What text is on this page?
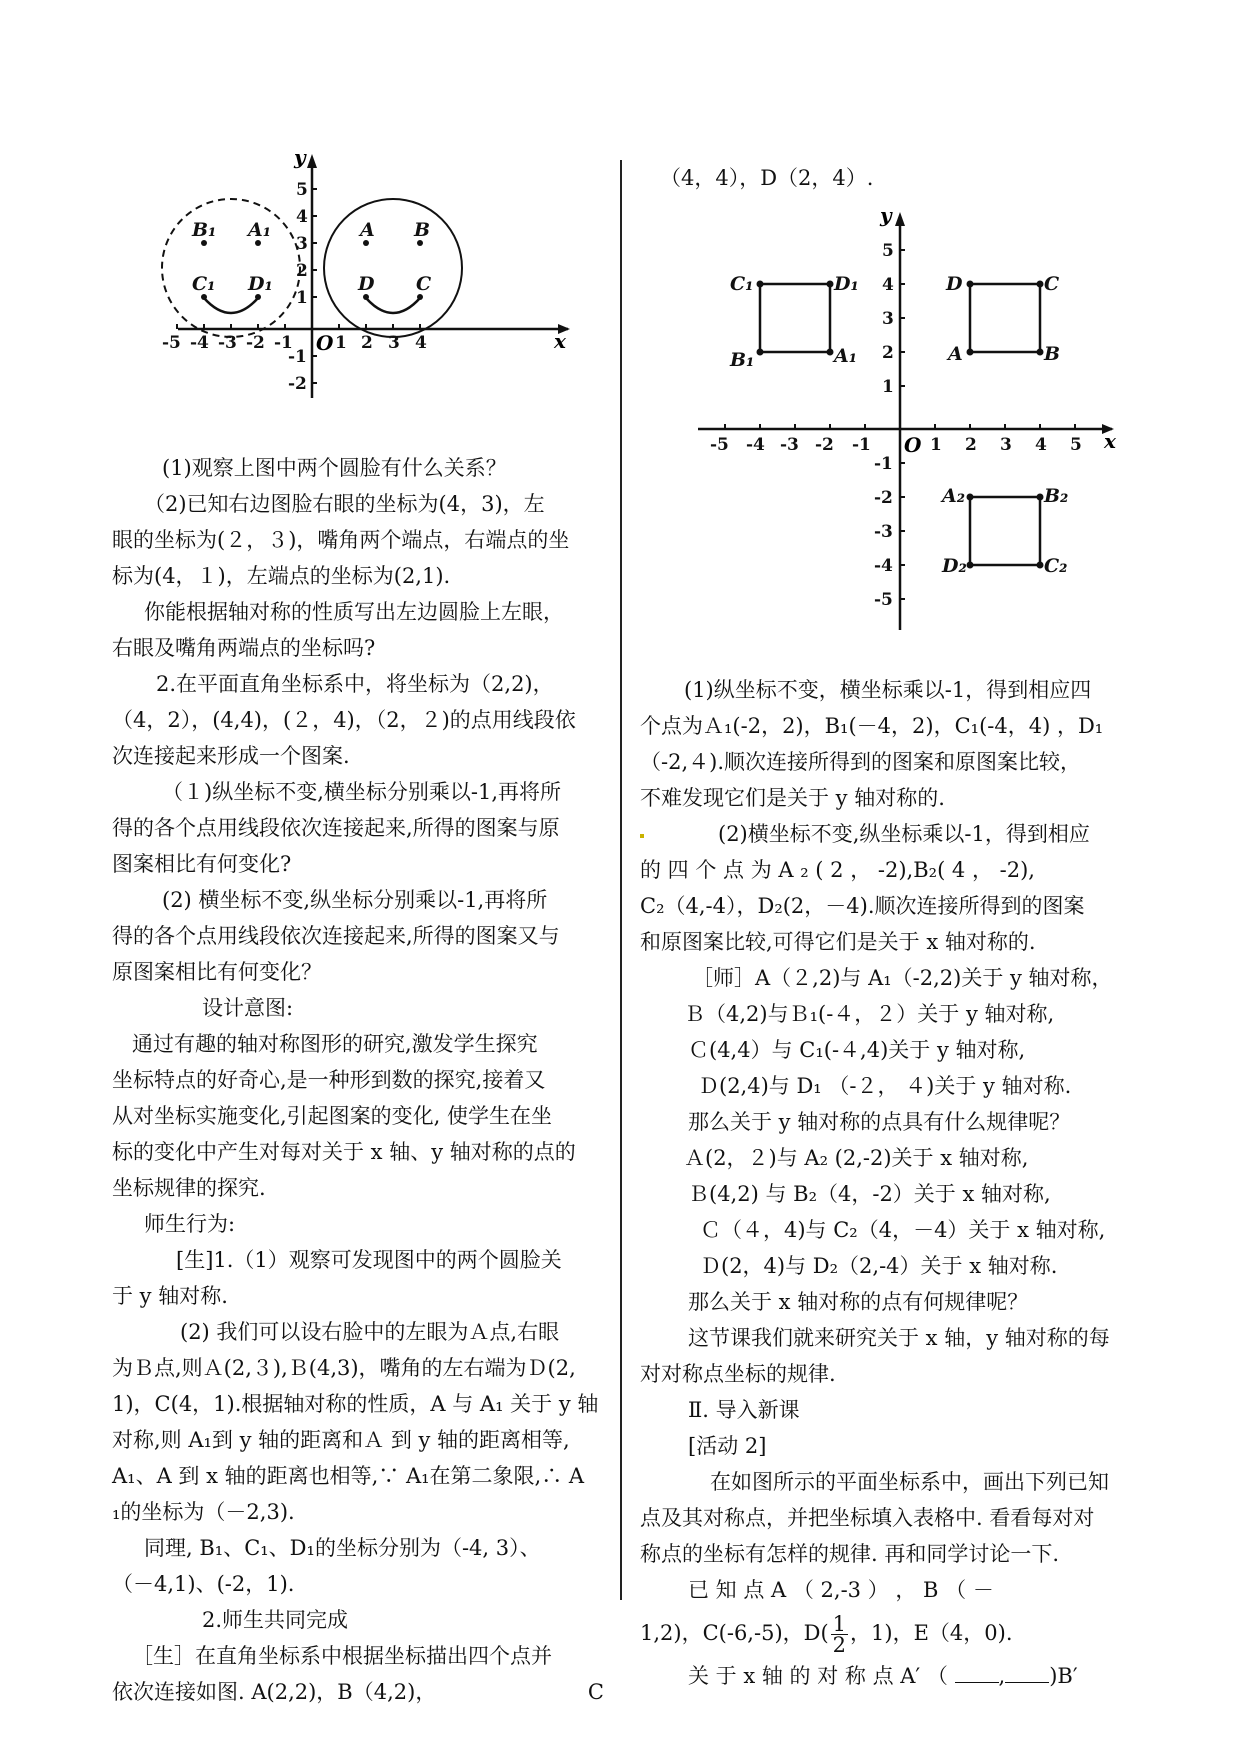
-5 -4 -3 -2 -1 1 2 3 4
5
4
3
2
1
-1
-2
O	x
y
B₁ A₁
C₁ D₁
A B
D C
（4，4），D（2，4）.
-5 -4 -3 -2 -1	1 2 3 4 5
5
4
3
2
1
-1
-2
-3
-4
-5
O	x
y
C₁	D₁
B₁	A₁
D	C
A	B
A₂	B₂
D₂	C₂

(1)观察上图中两个圆脸有什么关系？

（2)已知右边图脸右眼的坐标为(4，3)，左

眼的坐标为(２，３)，嘴角两个端点，右端点的坐

标为(4，１)，左端点的坐标为(2,1).

你能根据轴对称的性质写出左边圆脸上左眼，

右眼及嘴角两端点的坐标吗?

2.在平面直角坐标系中，将坐标为（2,2)，

（4，2），(4,4)，(２，4)，（2，２)的点用线段依

次连接起来形成一个图案.

（１)纵坐标不变,横坐标分别乘以-1,再将所

得的各个点用线段依次连接起来,所得的图案与原

图案相比有何变化?

(2) 横坐标不变,纵坐标分别乘以-1,再将所

得的各个点用线段依次连接起来,所得的图案又与

原图案相比有何变化？

设计意图:

通过有趣的轴对称图形的研究,激发学生探究

坐标特点的好奇心,是一种形到数的探究,接着又

从对坐标实施变化,引起图案的变化, 使学生在坐

标的变化中产生对每对关于 x 轴、y 轴对称的点的

坐标规律的探究.

师生行为:

[生]1.（1）观察可发现图中的两个圆脸关

于 y 轴对称.

(2) 我们可以设右脸中的左眼为Ａ点,右眼

为Ｂ点,则Ａ(2,３),Ｂ(4,3)，嘴角的左右端为Ｄ(2,

1)，C(4，1).根据轴对称的性质，A 与 A₁ 关于 y 轴

对称,则 A₁到 y 轴的距离和Ａ 到 y 轴的距离相等,

A₁、A 到 x 轴的距离也相等,∵ A₁在第二象限,∴ A

₁的坐标为（－2,3).

同理, B₁、C₁、D₁的坐标分别为（-4, 3）、

（－4,1)、(-2，1).

2.师生共同完成

［生］在直角坐标系中根据坐标描出四个点并

依次连接如图. A(2,2)，B（4,2)，	C

(1)纵坐标不变，横坐标乘以-1，得到相应四

个点为Ａ₁(-2，2)，B₁(－4，2)，C₁(-4，4) ，D₁

（-2,４).顺次连接所得到的图案和原图案比较，

不难发现它们是关于 y 轴对称的.

(2)横坐标不变,纵坐标乘以-1，得到相应

的 四 个 点 为 A ₂ ( 2 ， -2),B₂( 4 ， -2),

C₂（4,-4），D₂(2，－4).顺次连接所得到的图案

和原图案比较,可得它们是关于 x 轴对称的.

［师］A（２,2)与 A₁（-2,2)关于 y 轴对称，

Ｂ（4,2)与Ｂ₁(-４，２）关于 y 轴对称,

Ｃ(4,4）与 C₁(-４,4)关于 y 轴对称,

Ｄ(2,4)与 D₁ （-２， ４)关于 y 轴对称.

那么关于 y 轴对称的点具有什么规律呢？

Ａ(2，２)与 A₂ (2,-2)关于 x 轴对称,

Ｂ(4,2) 与 B₂（4，-2）关于 x 轴对称,

Ｃ（４，4)与 C₂（4，－4）关于 x 轴对称,

Ｄ(2，4)与 D₂（2,-4）关于 x 轴对称.

那么关于 x 轴对称的点有何规律呢？

这节课我们就来研究关于 x 轴，y 轴对称的每

对对称点坐标的规律.

Ⅱ. 导入新课

[活动 2]

在如图所示的平面坐标系中，画出下列已知

点及其对称点，并把坐标填入表格中. 看看每对对

称点的坐标有怎样的规律. 再和同学讨论一下.

已 知 点 A （ 2,-3 ） ， B （ －

1,2)，C(-6,-5)，$D( \frac{1}{2}$ ，1)，E（4，0).

关 于 x 轴 的 对 称 点 A′ （ , )B′
